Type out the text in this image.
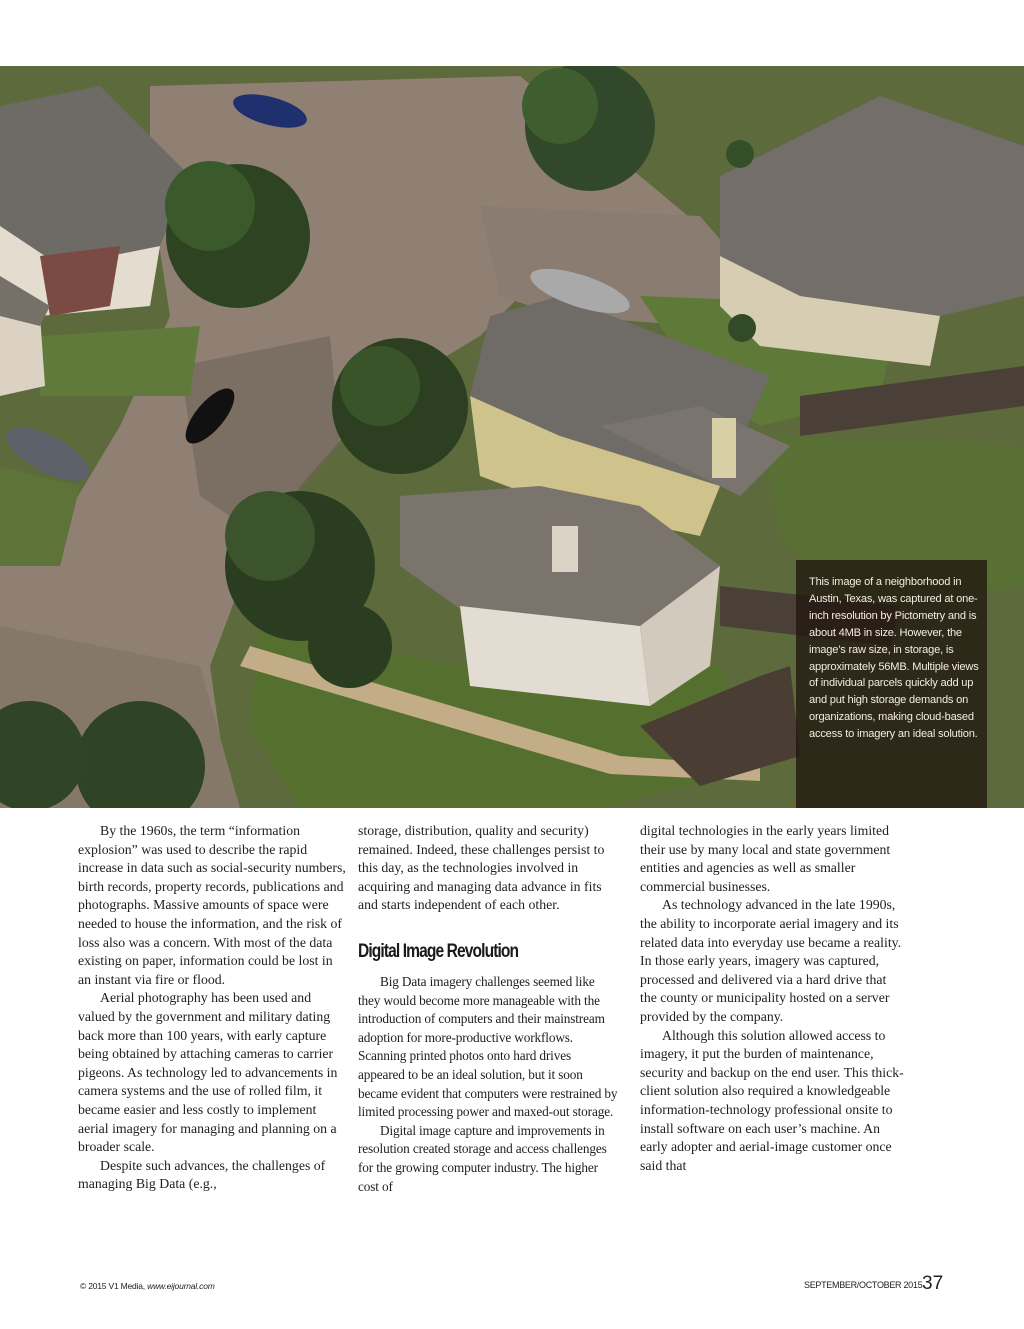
This image of a neighborhood in Austin, Texas, was captured at one-inch resolution by Pictometry and is about 4MB in size. However, the image’s raw size, in storage, is approximately 56MB. Multiple views of individual parcels quickly add up and put high storage demands on organizations, making cloud-based access to imagery an ideal solution.

By the 1960s, the term “information explosion” was used to describe the rapid increase in data such as social-security numbers, birth records, property records, publications and photographs. Massive amounts of space were needed to house the information, and the risk of loss also was a concern. With most of the data existing on paper, information could be lost in an instant via fire or flood.

Aerial photography has been used and valued by the government and military dating back more than 100 years, with early capture being obtained by attaching cameras to carrier pigeons. As technology led to advancements in camera systems and the use of rolled film, it became easier and less costly to implement aerial imagery for managing and planning on a broader scale.

Despite such advances, the challenges of managing Big Data (e.g.,

storage, distribution, quality and security) remained. Indeed, these challenges persist to this day, as the technologies involved in acquiring and managing data advance in fits and starts independent of each other.

Digital Image Revolution

Big Data imagery challenges seemed like they would become more manageable with the introduction of computers and their mainstream adoption for more-productive workflows. Scanning printed photos onto hard drives appeared to be an ideal solution, but it soon became evident that computers were restrained by limited processing power and maxed-out storage.

Digital image capture and improvements in resolution created storage and access challenges for the growing computer industry. The higher cost of

digital technologies in the early years limited their use by many local and state government entities and agencies as well as smaller commercial businesses.

As technology advanced in the late 1990s, the ability to incorporate aerial imagery and its related data into everyday use became a reality. In those early years, imagery was captured, processed and delivered via a hard drive that the county or municipality hosted on a server provided by the company.

Although this solution allowed access to imagery, it put the burden of maintenance, security and backup on the end user. This thick-client solution also required a knowledgeable information-technology professional onsite to install software on each user’s machine. An early adopter and aerial-image customer once said that

© 2015 V1 Media, www.eijournal.com	SEPTEMBER/OCTOBER 2015 37
